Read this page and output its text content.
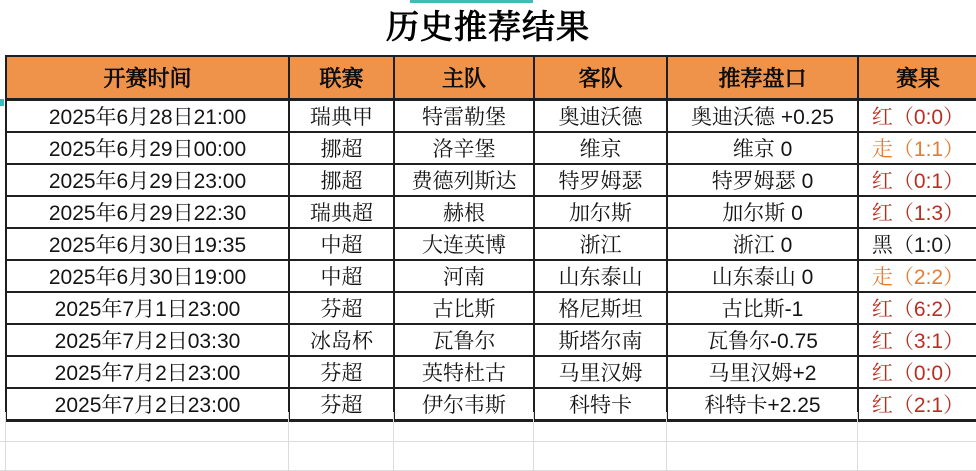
历史推荐结果
开赛时间	联赛	主队	客队	推荐盘口	赛果
2025年6月28日21:00	瑞典甲	特雷勒堡	奥迪沃德	奥迪沃德 +0.25	红（0:0）
2025年6月29日00:00	挪超	洛辛堡	维京	维京 0	走（1:1）
2025年6月29日23:00	挪超	费德列斯达	特罗姆瑟	特罗姆瑟 0	红（0:1）
2025年6月29日22:30	瑞典超	赫根	加尔斯	加尔斯 0	红（1:3）
2025年6月30日19:35	中超	大连英博	浙江	浙江 0	黑（1:0）
2025年6月30日19:00	中超	河南	山东泰山	山东泰山 0	走（2:2）
2025年7月1日23:00	芬超	古比斯	格尼斯坦	古比斯-1	红（6:2）
2025年7月2日03:30	冰岛杯	瓦鲁尔	斯塔尔南	瓦鲁尔-0.75	红（3:1）
2025年7月2日23:00	芬超	英特杜古	马里汉姆	马里汉姆+2	红（0:0）
2025年7月2日23:00	芬超	伊尔韦斯	科特卡	科特卡+2.25	红（2:1）
